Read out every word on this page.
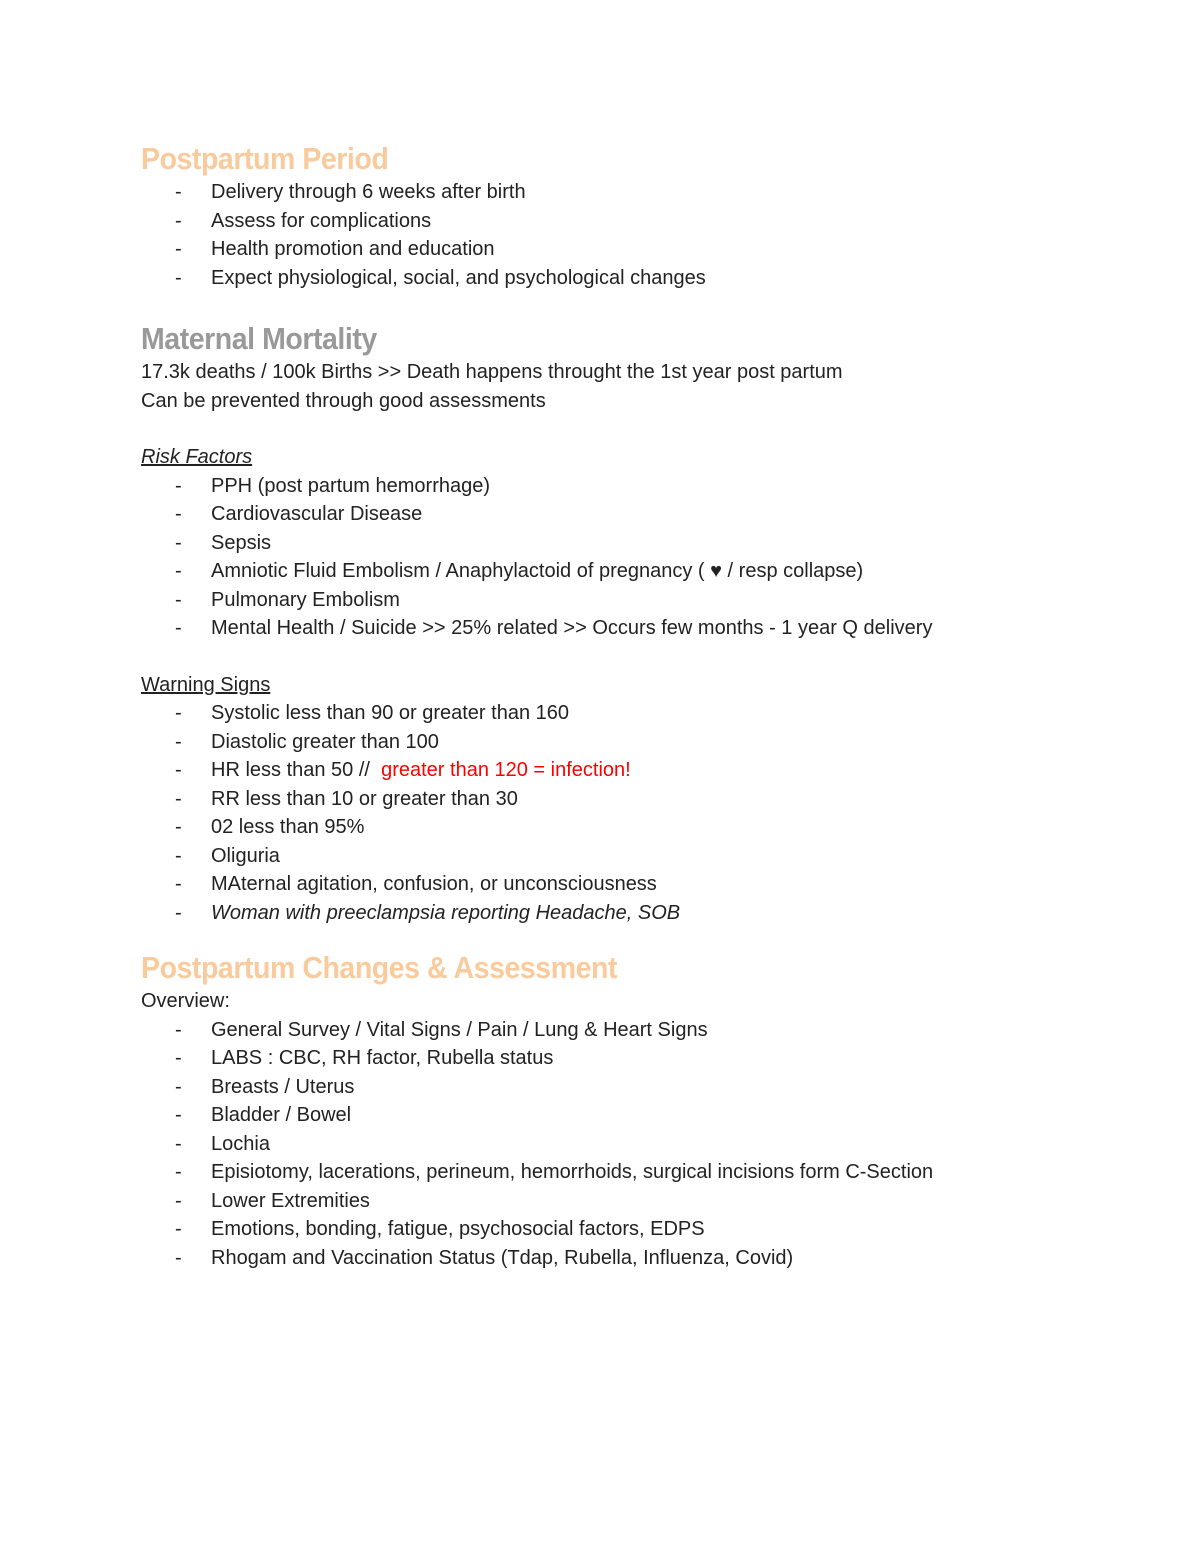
Postpartum Period
- Delivery through 6 weeks after birth
- Assess for complications
- Health promotion and education
- Expect physiological, social, and psychological changes
Maternal Mortality

17.3k deaths / 100k Births >> Death happens throught the 1st year post partum

Can be prevented through good assessments

Risk Factors

- PPH (post partum hemorrhage)
- Cardiovascular Disease
- Sepsis
- Amniotic Fluid Embolism / Anaphylactoid of pregnancy ( ♥ / resp collapse)
- Pulmonary Embolism
- Mental Health / Suicide >> 25% related >> Occurs few months - 1 year Q delivery

Warning Signs

- Systolic less than 90 or greater than 160
- Diastolic greater than 100
- HR less than 50 // greater than 120 = infection!
- RR less than 10 or greater than 30
- 02 less than 95%
- Oliguria
- MAternal agitation, confusion, or unconsciousness
- Woman with preeclampsia reporting Headache, SOB
Postpartum Changes & Assessment

Overview:

- General Survey / Vital Signs / Pain / Lung & Heart Signs
- LABS : CBC, RH factor, Rubella status
- Breasts / Uterus
- Bladder / Bowel
- Lochia
- Episiotomy, lacerations, perineum, hemorrhoids, surgical incisions form C-Section
- Lower Extremities
- Emotions, bonding, fatigue, psychosocial factors, EDPS
- Rhogam and Vaccination Status (Tdap, Rubella, Influenza, Covid)
